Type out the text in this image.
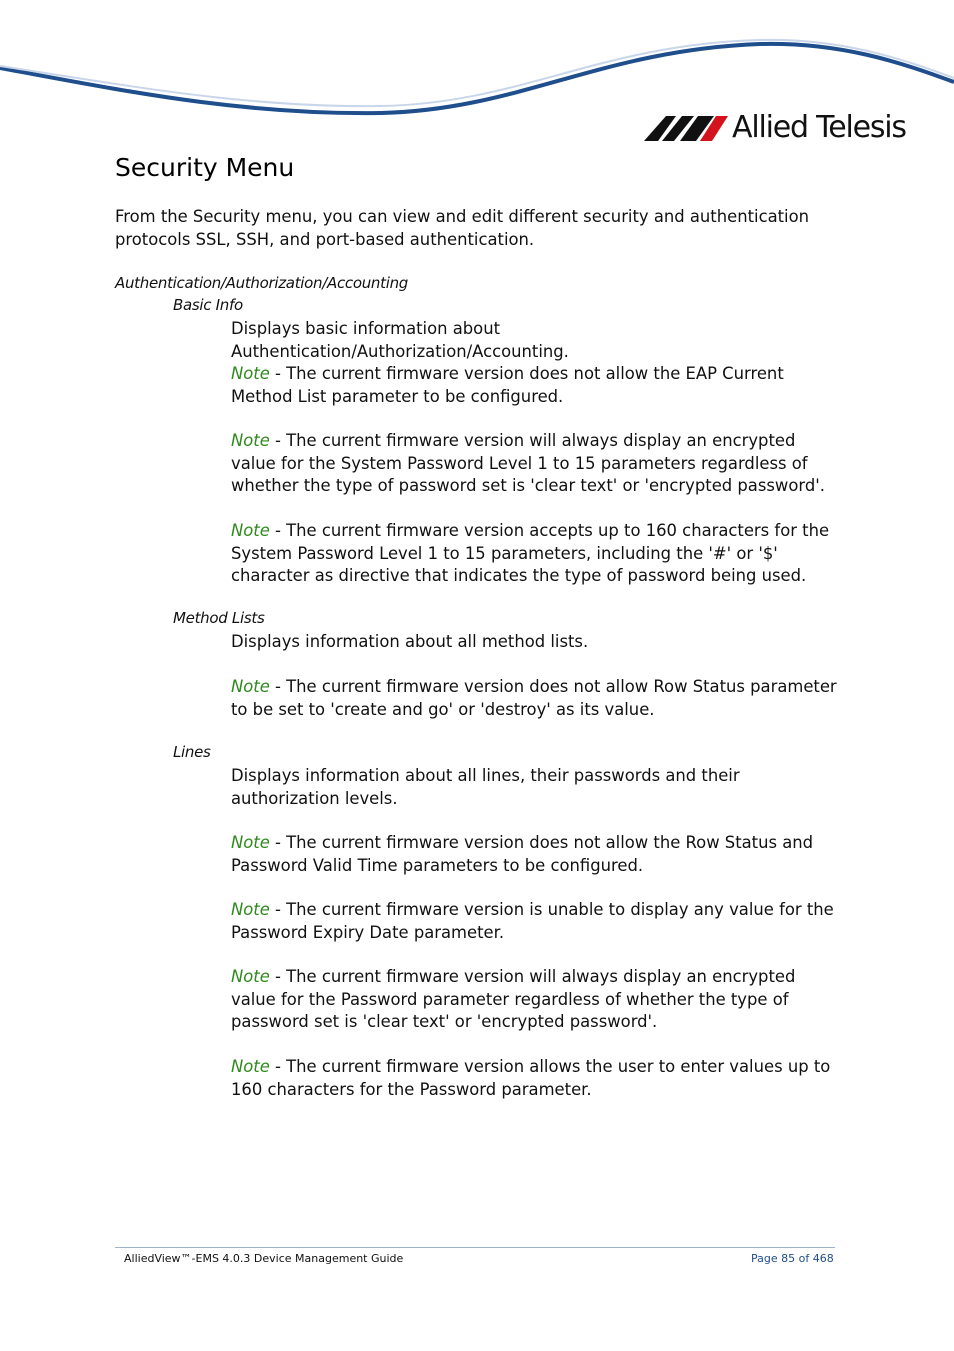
Allied Telesis
Security Menu

From the Security menu, you can view and edit different security and authentication protocols SSL, SSH, and port-based authentication.

Authentication/Authorization/Accounting
Basic Info

Displays basic information about Authentication/Authorization/Accounting.

Note - The current firmware version does not allow the EAP Current Method List parameter to be configured.

Note - The current firmware version will always display an encrypted value for the System Password Level 1 to 15 parameters regardless of whether the type of password set is 'clear text' or 'encrypted password'.

Note - The current firmware version accepts up to 160 characters for the System Password Level 1 to 15 parameters, including the '#' or '$' character as directive that indicates the type of password being used.

Method Lists

Displays information about all method lists.

Note - The current firmware version does not allow Row Status parameter to be set to 'create and go' or 'destroy' as its value.

Lines

Displays information about all lines, their passwords and their authorization levels.

Note - The current firmware version does not allow the Row Status and Password Valid Time parameters to be configured.

Note - The current firmware version is unable to display any value for the Password Expiry Date parameter.

Note - The current firmware version will always display an encrypted value for the Password parameter regardless of whether the type of password set is 'clear text' or 'encrypted password'.

Note - The current firmware version allows the user to enter values up to 160 characters for the Password parameter.

AlliedView™-EMS 4.0.3 Device Management Guide	Page 85 of 468
